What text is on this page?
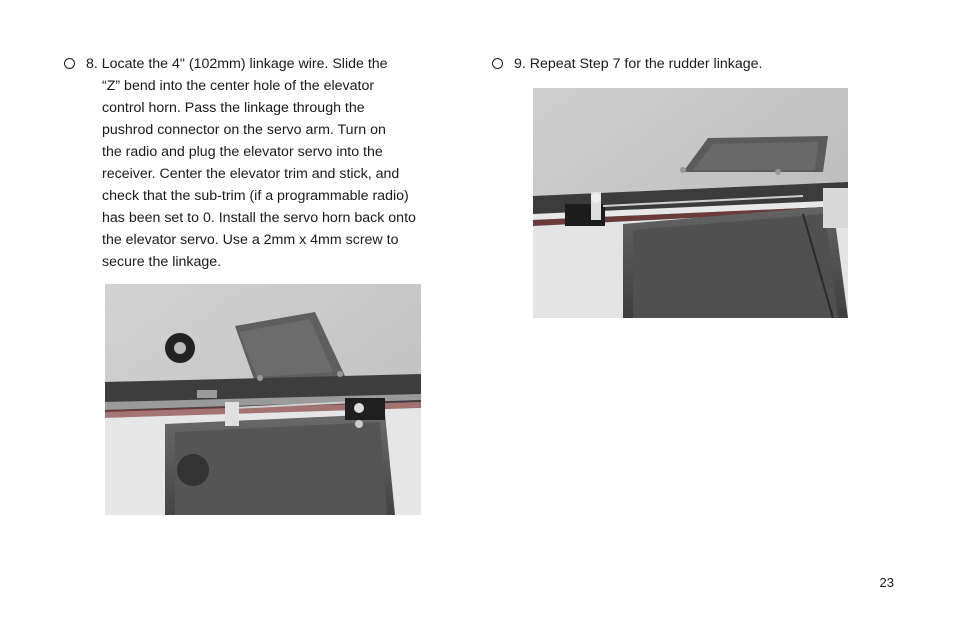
8. Locate the 4" (102mm) linkage wire. Slide the
“Z” bend into the center hole of the elevator
control horn. Pass the linkage through the
pushrod connector on the servo arm. Turn on
the radio and plug the elevator servo into the
receiver. Center the elevator trim and stick, and
check that the sub-trim (if a programmable radio)
has been set to 0. Install the servo horn back onto
the elevator servo. Use a 2mm x 4mm screw to
secure the linkage.
9. Repeat Step 7 for the rudder linkage.
23
